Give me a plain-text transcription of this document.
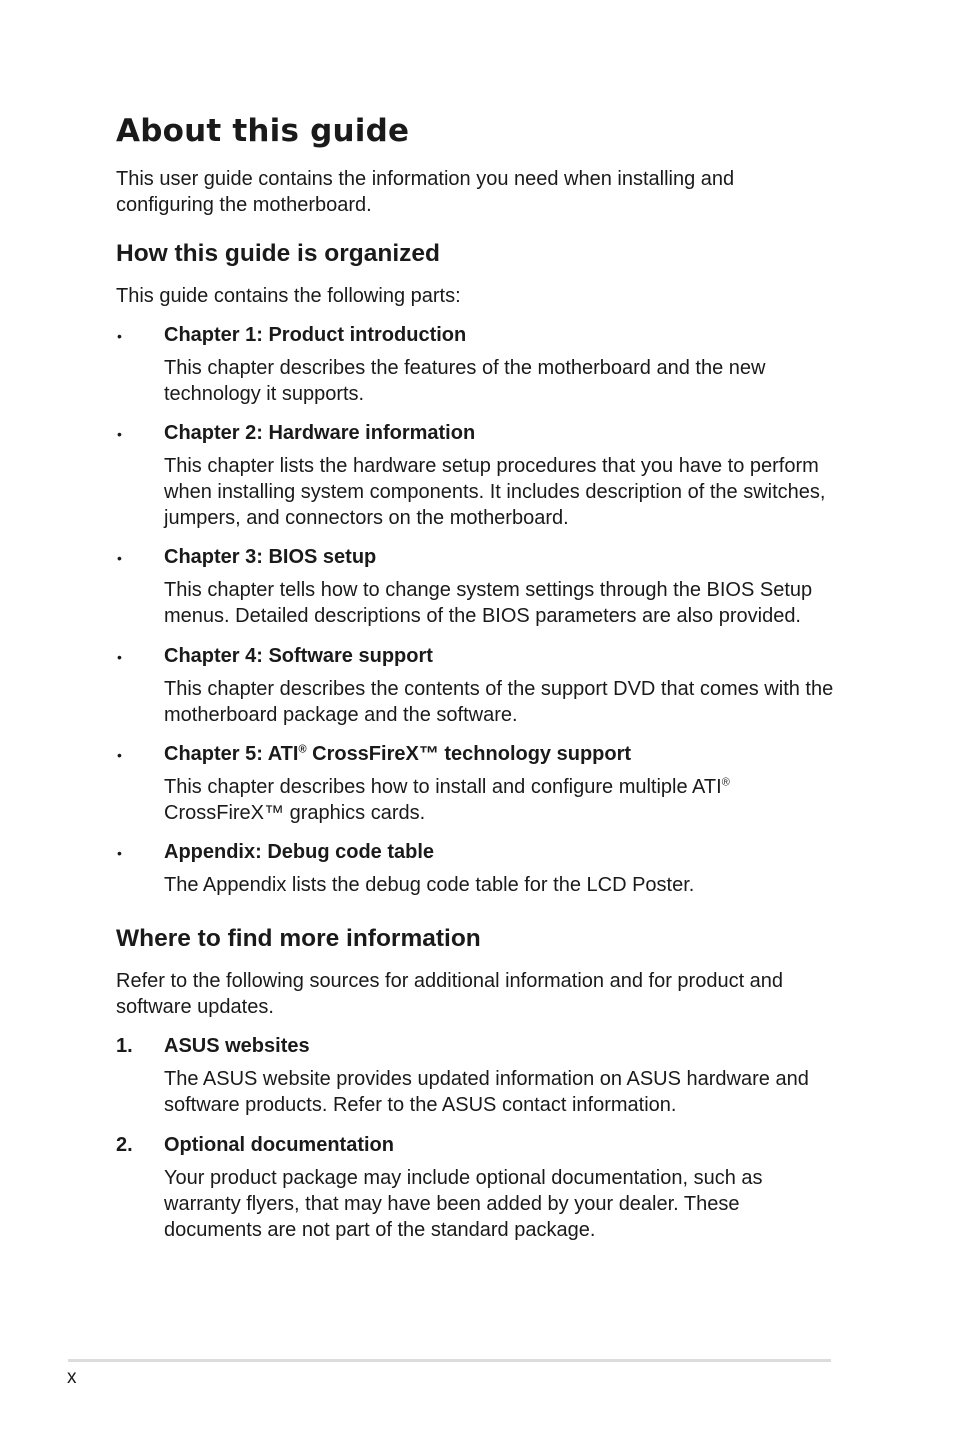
About this guide

This user guide contains the information you need when installing and configuring the motherboard.

How this guide is organized

This guide contains the following parts:

• Chapter 1: Product introduction

This chapter describes the features of the motherboard and the new technology it supports.

• Chapter 2: Hardware information

This chapter lists the hardware setup procedures that you have to perform when installing system components. It includes description of the switches, jumpers, and connectors on the motherboard.

• Chapter 3: BIOS setup

This chapter tells how to change system settings through the BIOS Setup menus. Detailed descriptions of the BIOS parameters are also provided.

• Chapter 4: Software support

This chapter describes the contents of the support DVD that comes with the motherboard package and the software.

• Chapter 5: ATI® CrossFireX™ technology support

This chapter describes how to install and configure multiple ATI®
CrossFireX™ graphics cards.

• Appendix: Debug code table

The Appendix lists the debug code table for the LCD Poster.

Where to find more information

Refer to the following sources for additional information and for product and software updates.

1. ASUS websites

The ASUS website provides updated information on ASUS hardware and software products. Refer to the ASUS contact information.

2. Optional documentation

Your product package may include optional documentation, such as warranty flyers, that may have been added by your dealer. These documents are not part of the standard package.

x
